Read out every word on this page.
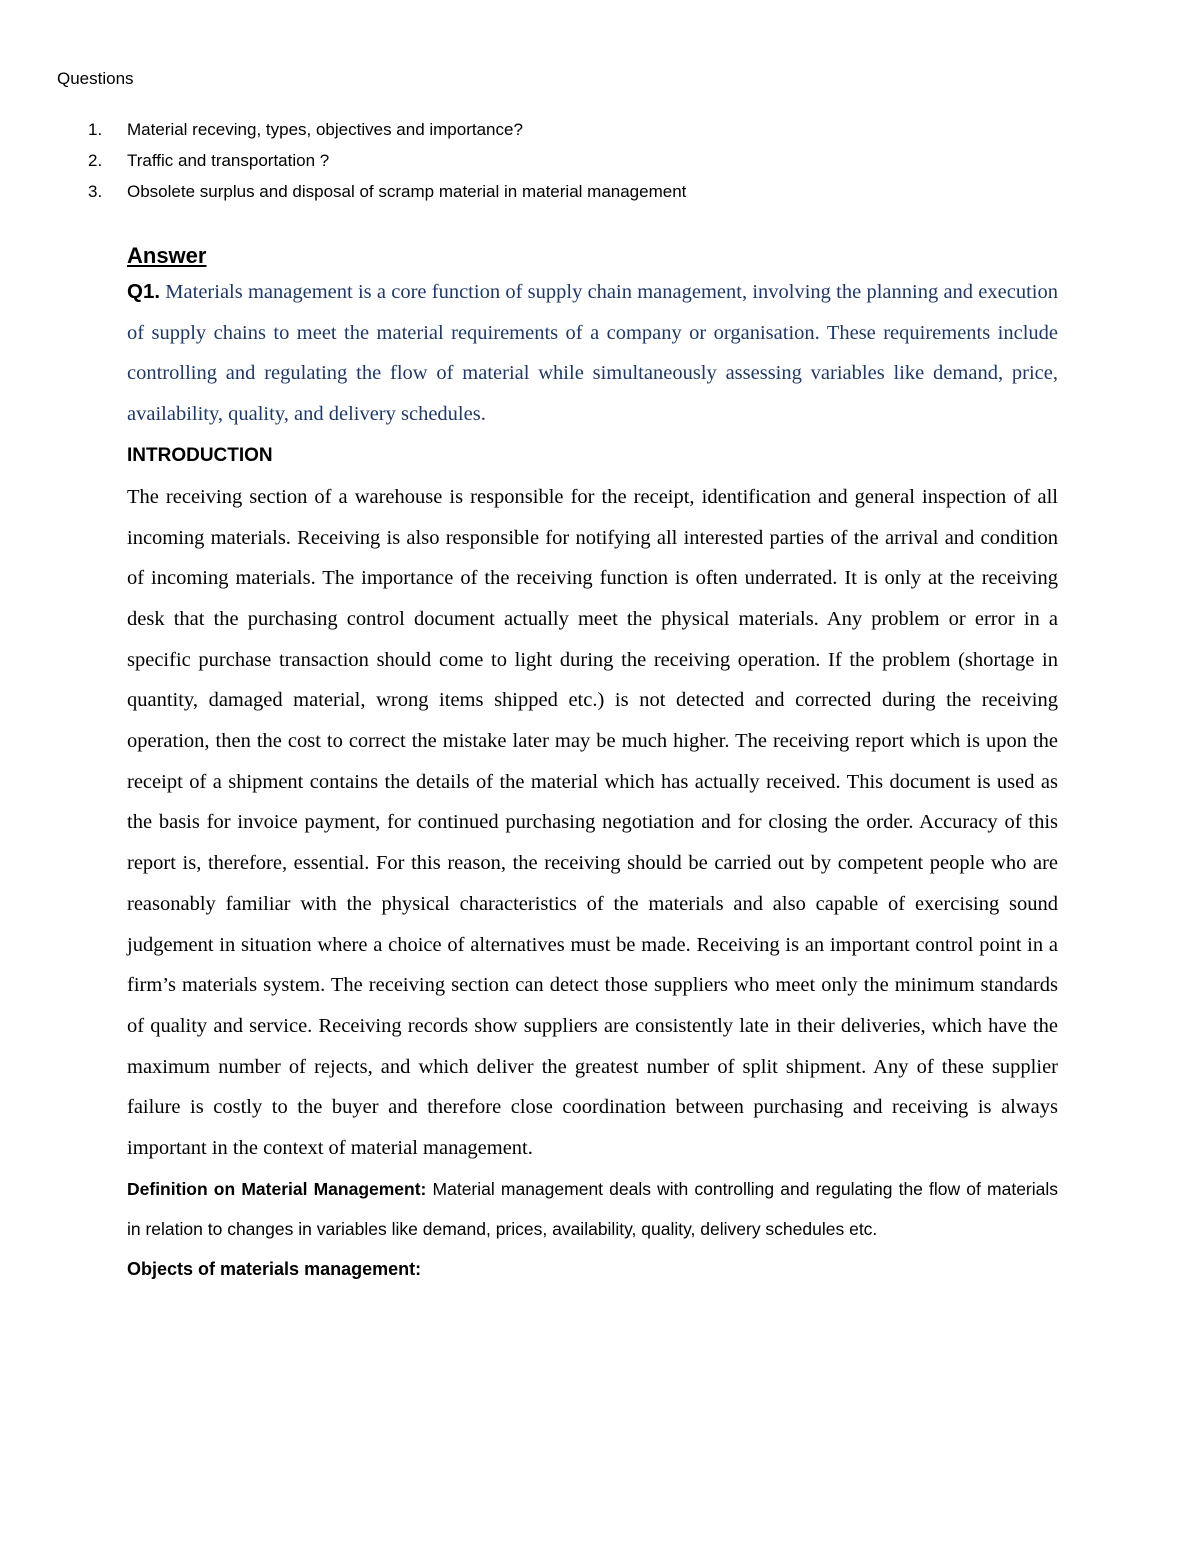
Questions
1.	Material receving, types, objectives and importance?
2.	Traffic and transportation ?
3.	Obsolete surplus and disposal of scramp material in material management
Answer

Q1. Materials management is a core function of supply chain management, involving the planning and execution of supply chains to meet the material requirements of a company or organisation. These requirements include controlling and regulating the flow of material while simultaneously assessing variables like demand, price, availability, quality, and delivery schedules.

INTRODUCTION

The receiving section of a warehouse is responsible for the receipt, identification and general inspection of all incoming materials. Receiving is also responsible for notifying all interested parties of the arrival and condition of incoming materials. The importance of the receiving function is often underrated. It is only at the receiving desk that the purchasing control document actually meet the physical materials. Any problem or error in a specific purchase transaction should come to light during the receiving operation. If the problem (shortage in quantity, damaged material, wrong items shipped etc.) is not detected and corrected during the receiving operation, then the cost to correct the mistake later may be much higher. The receiving report which is upon the receipt of a shipment contains the details of the material which has actually received. This document is used as the basis for invoice payment, for continued purchasing negotiation and for closing the order. Accuracy of this report is, therefore, essential. For this reason, the receiving should be carried out by competent people who are reasonably familiar with the physical characteristics of the materials and also capable of exercising sound judgement in situation where a choice of alternatives must be made. Receiving is an important control point in a firm’s materials system. The receiving section can detect those suppliers who meet only the minimum standards of quality and service. Receiving records show suppliers are consistently late in their deliveries, which have the maximum number of rejects, and which deliver the greatest number of split shipment. Any of these supplier failure is costly to the buyer and therefore close coordination between purchasing and receiving is always important in the context of material management.

Definition on Material Management: Material management deals with controlling and regulating the flow of materials in relation to changes in variables like demand, prices, availability, quality, delivery schedules etc.

Objects of materials management:
